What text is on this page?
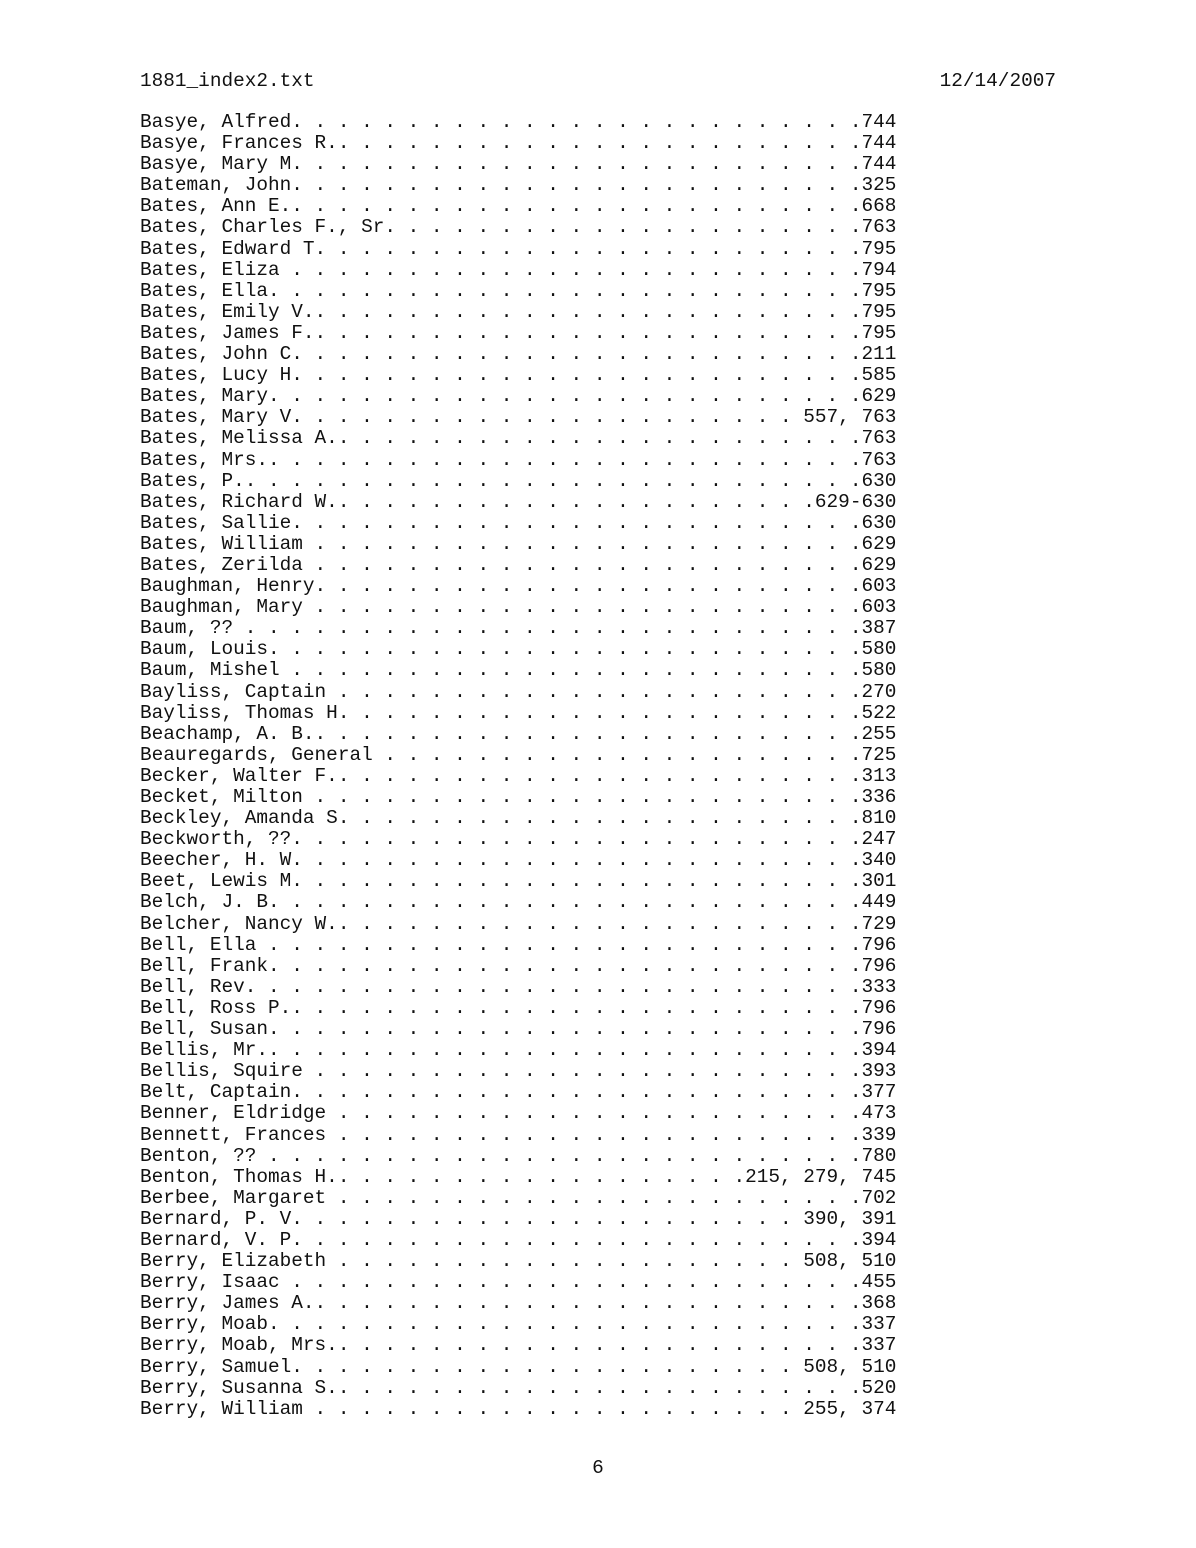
1881_index2.txt	12/14/2007
Basye, Alfred. . . . . . . . . . . . . . . . . . . . . . . . .744
Basye, Frances R.. . . . . . . . . . . . . . . . . . . . . . .744
Basye, Mary M. . . . . . . . . . . . . . . . . . . . . . . . .744
Bateman, John. . . . . . . . . . . . . . . . . . . . . . . . .325
Bates, Ann E.. . . . . . . . . . . . . . . . . . . . . . . . .668
Bates, Charles F., Sr. . . . . . . . . . . . . . . . . . . . .763
Bates, Edward T. . . . . . . . . . . . . . . . . . . . . . . .795
Bates, Eliza . . . . . . . . . . . . . . . . . . . . . . . . .794
Bates, Ella. . . . . . . . . . . . . . . . . . . . . . . . . .795
Bates, Emily V.. . . . . . . . . . . . . . . . . . . . . . . .795
Bates, James F.. . . . . . . . . . . . . . . . . . . . . . . .795
Bates, John C. . . . . . . . . . . . . . . . . . . . . . . . .211
Bates, Lucy H. . . . . . . . . . . . . . . . . . . . . . . . .585
Bates, Mary. . . . . . . . . . . . . . . . . . . . . . . . . .629
Bates, Mary V. . . . . . . . . . . . . . . . . . . . . . 557, 763
Bates, Melissa A.. . . . . . . . . . . . . . . . . . . . . . .763
Bates, Mrs.. . . . . . . . . . . . . . . . . . . . . . . . . .763
Bates, P.. . . . . . . . . . . . . . . . . . . . . . . . . . .630
Bates, Richard W.. . . . . . . . . . . . . . . . . . . . .629-630
Bates, Sallie. . . . . . . . . . . . . . . . . . . . . . . . .630
Bates, William . . . . . . . . . . . . . . . . . . . . . . . .629
Bates, Zerilda . . . . . . . . . . . . . . . . . . . . . . . .629
Baughman, Henry. . . . . . . . . . . . . . . . . . . . . . . .603
Baughman, Mary . . . . . . . . . . . . . . . . . . . . . . . .603
Baum, ?? . . . . . . . . . . . . . . . . . . . . . . . . . . .387
Baum, Louis. . . . . . . . . . . . . . . . . . . . . . . . . .580
Baum, Mishel . . . . . . . . . . . . . . . . . . . . . . . . .580
Bayliss, Captain . . . . . . . . . . . . . . . . . . . . . . .270
Bayliss, Thomas H. . . . . . . . . . . . . . . . . . . . . . .522
Beachamp, A. B.. . . . . . . . . . . . . . . . . . . . . . . .255
Beauregards, General . . . . . . . . . . . . . . . . . . . . .725
Becker, Walter F.. . . . . . . . . . . . . . . . . . . . . . .313
Becket, Milton . . . . . . . . . . . . . . . . . . . . . . . .336
Beckley, Amanda S. . . . . . . . . . . . . . . . . . . . . . .810
Beckworth, ??. . . . . . . . . . . . . . . . . . . . . . . . .247
Beecher, H. W. . . . . . . . . . . . . . . . . . . . . . . . .340
Beet, Lewis M. . . . . . . . . . . . . . . . . . . . . . . . .301
Belch, J. B. . . . . . . . . . . . . . . . . . . . . . . . . .449
Belcher, Nancy W.. . . . . . . . . . . . . . . . . . . . . . .729
Bell, Ella . . . . . . . . . . . . . . . . . . . . . . . . . .796
Bell, Frank. . . . . . . . . . . . . . . . . . . . . . . . . .796
Bell, Rev. . . . . . . . . . . . . . . . . . . . . . . . . . .333
Bell, Ross P.. . . . . . . . . . . . . . . . . . . . . . . . .796
Bell, Susan. . . . . . . . . . . . . . . . . . . . . . . . . .796
Bellis, Mr.. . . . . . . . . . . . . . . . . . . . . . . . . .394
Bellis, Squire . . . . . . . . . . . . . . . . . . . . . . . .393
Belt, Captain. . . . . . . . . . . . . . . . . . . . . . . . .377
Benner, Eldridge . . . . . . . . . . . . . . . . . . . . . . .473
Bennett, Frances . . . . . . . . . . . . . . . . . . . . . . .339
Benton, ?? . . . . . . . . . . . . . . . . . . . . . . . . . .780
Benton, Thomas H.. . . . . . . . . . . . . . . . . .215, 279, 745
Berbee, Margaret . . . . . . . . . . . . . . . . . . . . . . .702
Bernard, P. V. . . . . . . . . . . . . . . . . . . . . . 390, 391
Bernard, V. P. . . . . . . . . . . . . . . . . . . . . . . . .394
Berry, Elizabeth . . . . . . . . . . . . . . . . . . . . 508, 510
Berry, Isaac . . . . . . . . . . . . . . . . . . . . . . . . .455
Berry, James A.. . . . . . . . . . . . . . . . . . . . . . . .368
Berry, Moab. . . . . . . . . . . . . . . . . . . . . . . . . .337
Berry, Moab, Mrs.. . . . . . . . . . . . . . . . . . . . . . .337
Berry, Samuel. . . . . . . . . . . . . . . . . . . . . . 508, 510
Berry, Susanna S.. . . . . . . . . . . . . . . . . . . . . . .520
Berry, William . . . . . . . . . . . . . . . . . . . . . 255, 374
6
